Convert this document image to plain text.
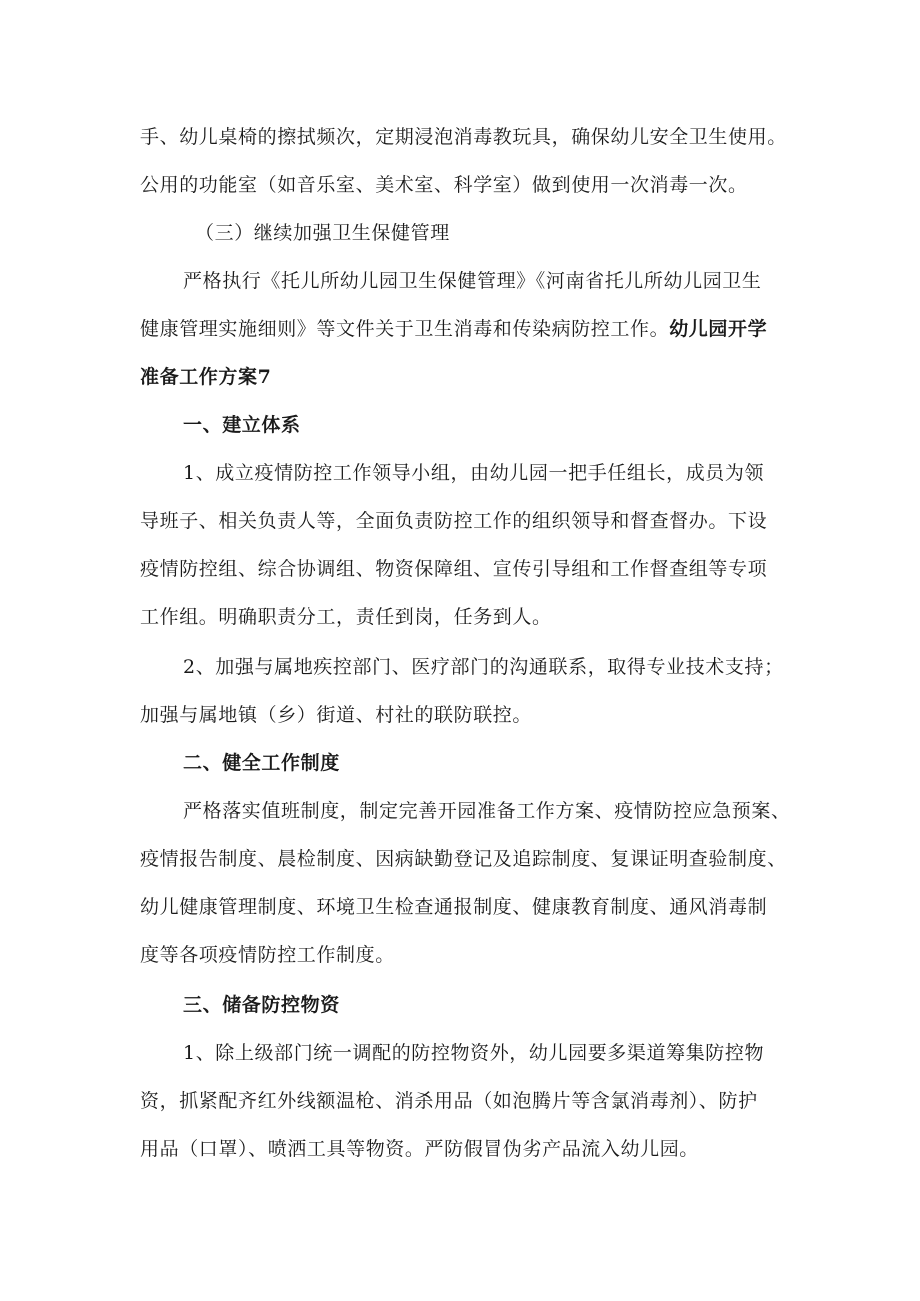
手、幼儿桌椅的擦拭频次，定期浸泡消毒教玩具，确保幼儿安全卫生使用。
公用的功能室（如音乐室、美术室、科学室）做到使用一次消毒一次。
（三）继续加强卫生保健管理
严格执行《托儿所幼儿园卫生保健管理》《河南省托儿所幼儿园卫生
健康管理实施细则》等文件关于卫生消毒和传染病防控工作。幼儿园开学
准备工作方案7
一、建立体系
1、成立疫情防控工作领导小组，由幼儿园一把手任组长，成员为领
导班子、相关负责人等，全面负责防控工作的组织领导和督查督办。下设
疫情防控组、综合协调组、物资保障组、宣传引导组和工作督查组等专项
工作组。明确职责分工，责任到岗，任务到人。
2、加强与属地疾控部门、医疗部门的沟通联系，取得专业技术支持；
加强与属地镇（乡）街道、村社的联防联控。
二、健全工作制度
严格落实值班制度，制定完善开园准备工作方案、疫情防控应急预案、
疫情报告制度、晨检制度、因病缺勤登记及追踪制度、复课证明查验制度、
幼儿健康管理制度、环境卫生检查通报制度、健康教育制度、通风消毒制
度等各项疫情防控工作制度。
三、储备防控物资
1、除上级部门统一调配的防控物资外，幼儿园要多渠道筹集防控物
资，抓紧配齐红外线额温枪、消杀用品（如泡腾片等含氯消毒剂）、防护
用品（口罩）、喷洒工具等物资。严防假冒伪劣产品流入幼儿园。
